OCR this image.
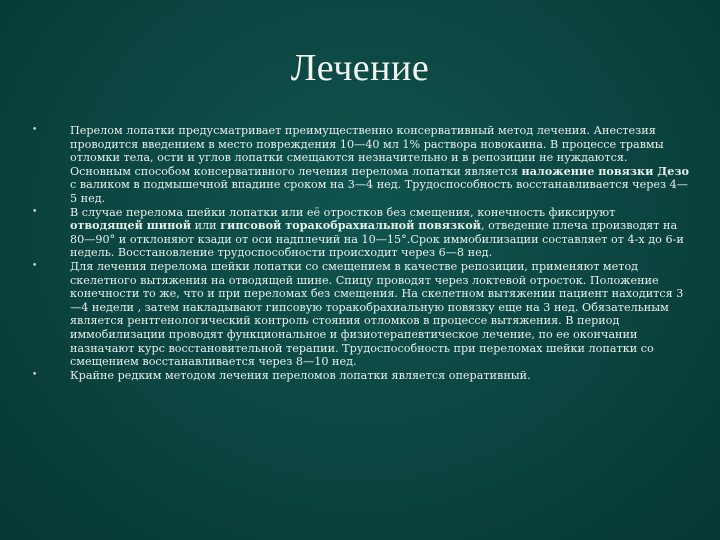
Лечение
•	Перелом лопатки предусматривает преимущественно консервативный метод лечения. Анестезия проводится введением в место повреждения 10—40 мл 1% раствора новокаина. В процессе травмы отломки тела, ости и углов лопатки смещаются незначительно и в репозиции не нуждаются. Основным способом консервативного лечения перелома лопатки является наложение повязки Дезо с валиком в подмышечной впадине сроком на 3—4 нед. Трудоспособность восстанавливается через 4—5 нед.
•	В случае перелома шейки лопатки или её отростков без смещения, конечность фиксируют отводящей шиной или гипсовой торакобрахиальной повязкой, отведение плеча производят на 80—90° и отклоняют кзади от оси надплечий на 10—15°.Срок иммобилизации составляет от 4-х до 6-и недель. Восстановление трудоспособности происходит через 6—8 нед.
•	Для лечения перелома шейки лопатки со смещением в качестве репозиции, применяют метод скелетного вытяжения на отводящей шине. Спицу проводят через локтевой отросток. Положение конечности то же, что и при переломах без смещения. На скелетном вытяжении пациент находится 3—4 недели , затем накладывают гипсовую торакобрахиальную повязку еще на 3 нед. Обязательным является рентгенологический контроль стояния отломков в процессе вытяжения. В период иммобилизации проводят функциональное и физиотерапевтическое лечение, по ее окончании назначают курс восстановительной терапии. Трудоспособность при переломах шейки лопатки со смещением восстанавливается через 8—10 нед.
•	Крайне редким методом лечения переломов лопатки является оперативный.
